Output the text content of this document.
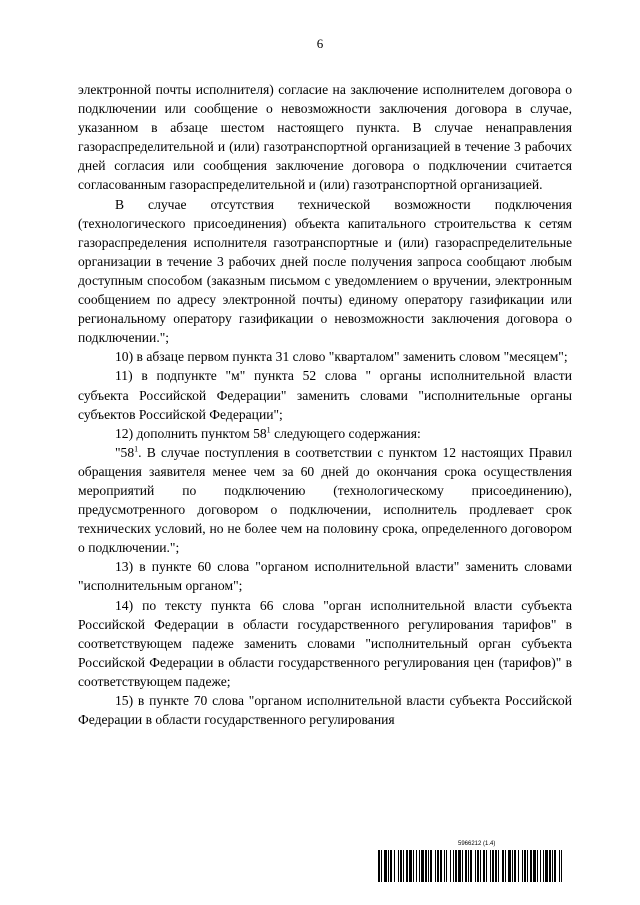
6

электронной почты исполнителя) согласие на заключение исполнителем договора о подключении или сообщение о невозможности заключения договора в случае, указанном в абзаце шестом настоящего пункта. В случае ненаправления газораспределительной и (или) газотранспортной организацией в течение 3 рабочих дней согласия или сообщения заключение договора о подключении считается согласованным газораспределительной и (или) газотранспортной организацией.

В случае отсутствия технической возможности подключения (технологического присоединения) объекта капитального строительства к сетям газораспределения исполнителя газотранспортные и (или) газораспределительные организации в течение 3 рабочих дней после получения запроса сообщают любым доступным способом (заказным письмом с уведомлением о вручении, электронным сообщением по адресу электронной почты) единому оператору газификации или региональному оператору газификации о невозможности заключения договора о подключении.";

10) в абзаце первом пункта 31 слово "кварталом" заменить словом "месяцем";

11) в подпункте "м" пункта 52 слова " органы исполнительной власти субъекта Российской Федерации" заменить словами "исполнительные органы субъектов Российской Федерации";

12) дополнить пунктом $58^1$ следующего содержания:

"$58^1$. В случае поступления в соответствии с пунктом 12 настоящих Правил обращения заявителя менее чем за 60 дней до окончания срока осуществления мероприятий по подключению (технологическому присоединению), предусмотренного договором о подключении, исполнитель продлевает срок технических условий, но не более чем на половину срока, определенного договором о подключении.";

13) в пункте 60 слова "органом исполнительной власти" заменить словами "исполнительным органом";

14) по тексту пункта 66 слова "орган исполнительной власти субъекта Российской Федерации в области государственного регулирования тарифов" в соответствующем падеже заменить словами "исполнительный орган субъекта Российской Федерации в области государственного регулирования цен (тарифов)" в соответствующем падеже;

15) в пункте 70 слова "органом исполнительной власти субъекта Российской Федерации в области государственного регулирования

5966212 (1.4)
